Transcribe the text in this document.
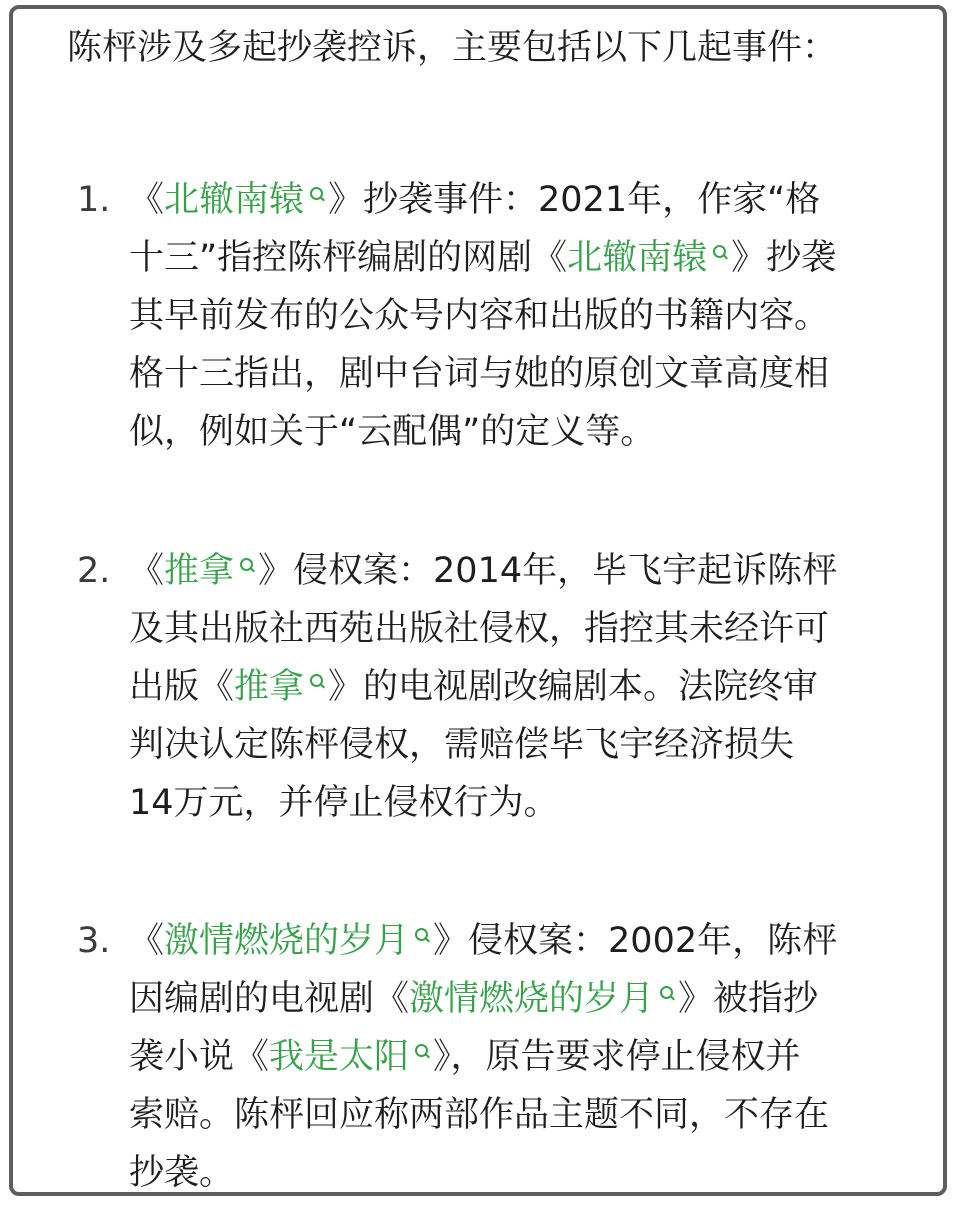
陈枰涉及多起抄袭控诉，主要包括以下几起事件：

1. 《北辙南辕 》抄袭事件：2021年，作家“格
十三”指控陈枰编剧的网剧《北辙南辕 》抄袭
其早前发布的公众号内容和出版的书籍内容。
格十三指出，剧中台词与她的原创文章高度相
似，例如关于“云配偶”的定义等。
2. 《推拿 》侵权案：2014年，毕飞宇起诉陈枰
及其出版社西苑出版社侵权，指控其未经许可
出版《推拿 》的电视剧改编剧本。法院终审
判决认定陈枰侵权，需赔偿毕飞宇经济损失
14万元，并停止侵权行为。
3. 《激情燃烧的岁月 》侵权案：2002年，陈枰
因编剧的电视剧《激情燃烧的岁月 》被指抄
袭小说《我是太阳 》，原告要求停止侵权并
索赔。陈枰回应称两部作品主题不同，不存在
抄袭。
